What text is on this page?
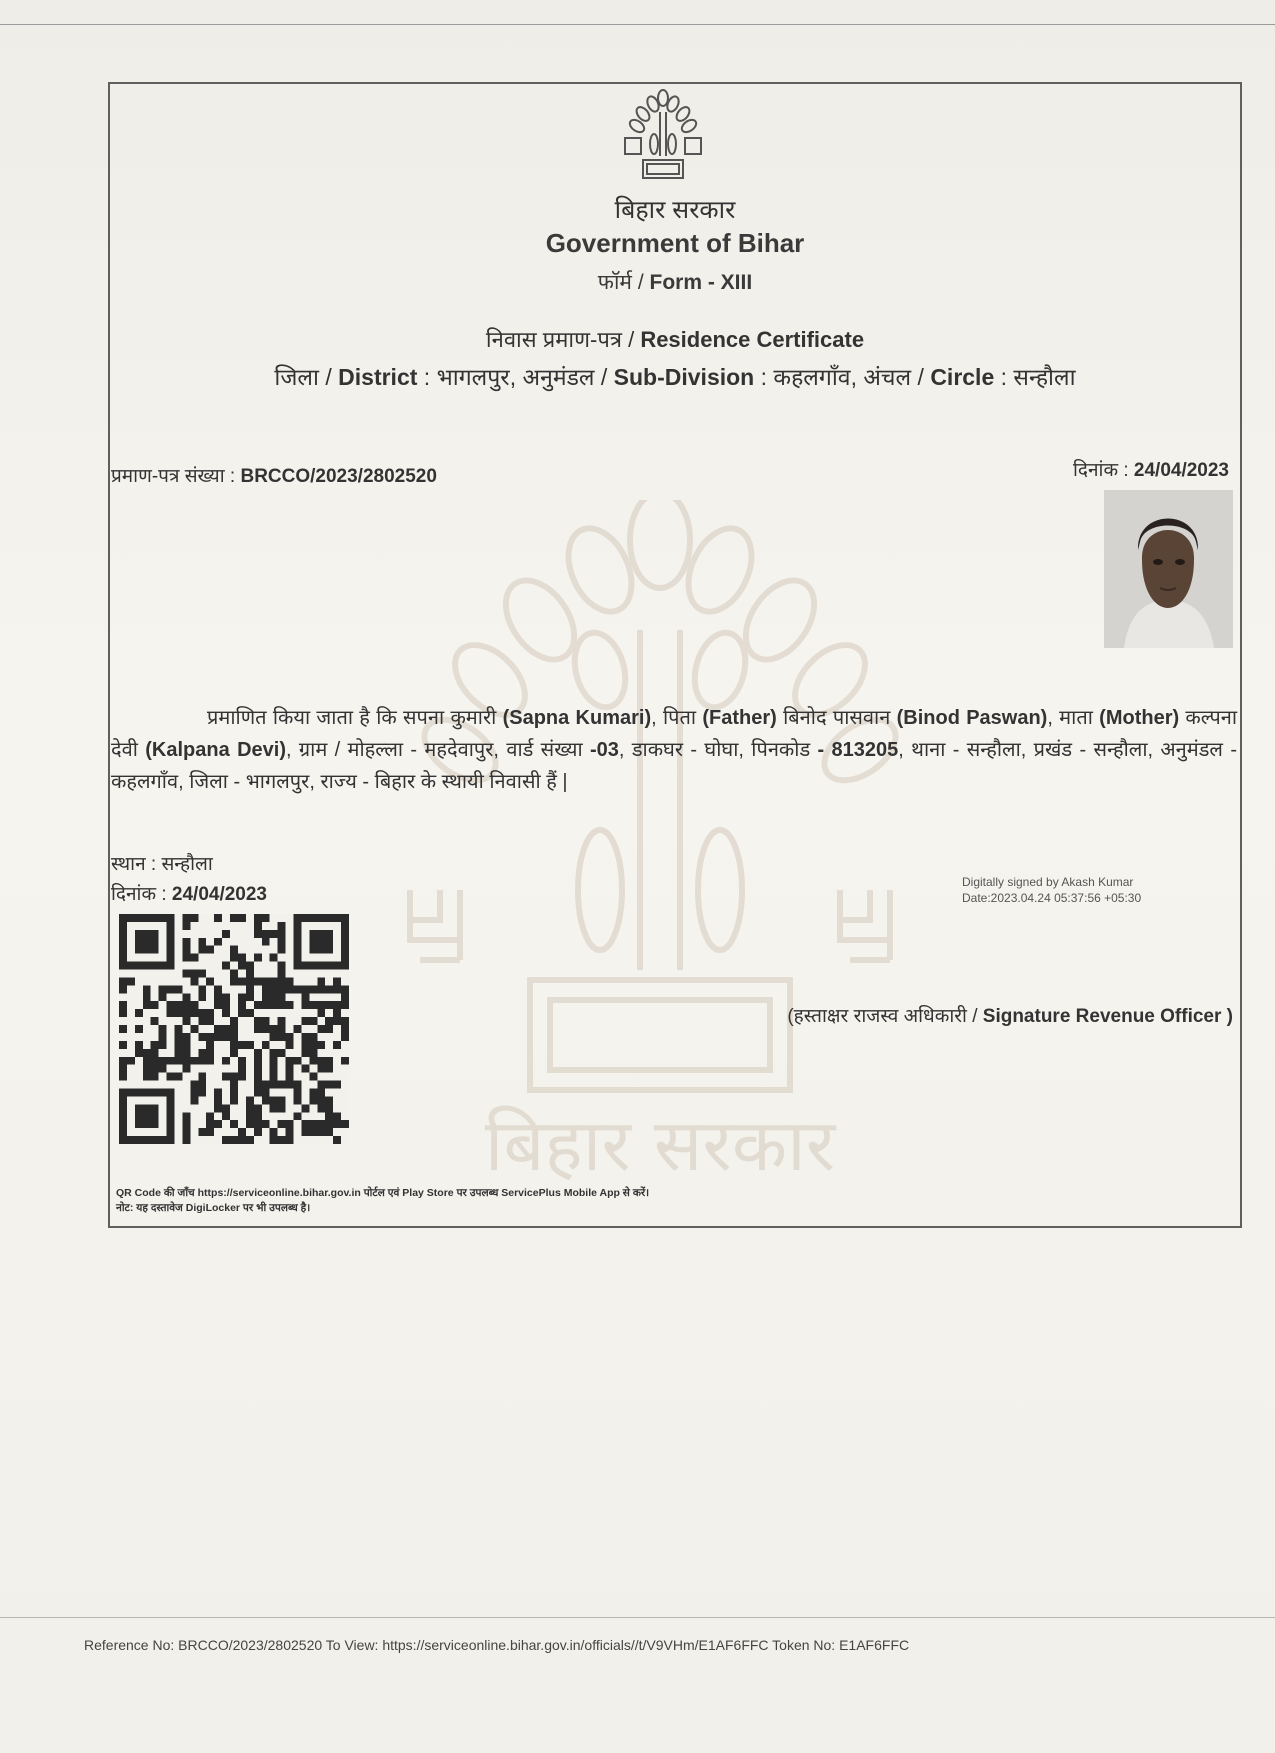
बिहार सरकार
बिहार सरकार
Government of Bihar
फॉर्म / Form - XIII
निवास प्रमाण-पत्र / Residence Certificate
जिला / District : भागलपुर, अनुमंडल / Sub-Division : कहलगाँव, अंचल / Circle : सन्हौला
प्रमाण-पत्र संख्या : BRCCO/2023/2802520	दिनांक : 24/04/2023
प्रमाणित किया जाता है कि सपना कुमारी (Sapna Kumari), पिता (Father) बिनोद पासवान (Binod Paswan), माता (Mother) कल्पना देवी (Kalpana Devi), ग्राम / मोहल्ला - महदेवापुर, वार्ड संख्या -03, डाकघर - घोघा, पिनकोड - 813205, थाना - सन्हौला, प्रखंड - सन्हौला, अनुमंडल - कहलगाँव, जिला - भागलपुर, राज्य - बिहार के स्थायी निवासी हैं |
स्थान : सन्हौला
दिनांक : 24/04/2023
Digitally signed by Akash Kumar
Date:2023.04.24 05:37:56 +05:30
(हस्ताक्षर राजस्व अधिकारी / Signature Revenue Officer )
QR Code की जाँच https://serviceonline.bihar.gov.in पोर्टल एवं Play Store पर उपलब्ध ServicePlus Mobile App से करें।
नोट: यह दस्तावेज DigiLocker पर भी उपलब्ध है।
Reference No: BRCCO/2023/2802520 To View: https://serviceonline.bihar.gov.in/officials//t/V9VHm/E1AF6FFC Token No: E1AF6FFC
